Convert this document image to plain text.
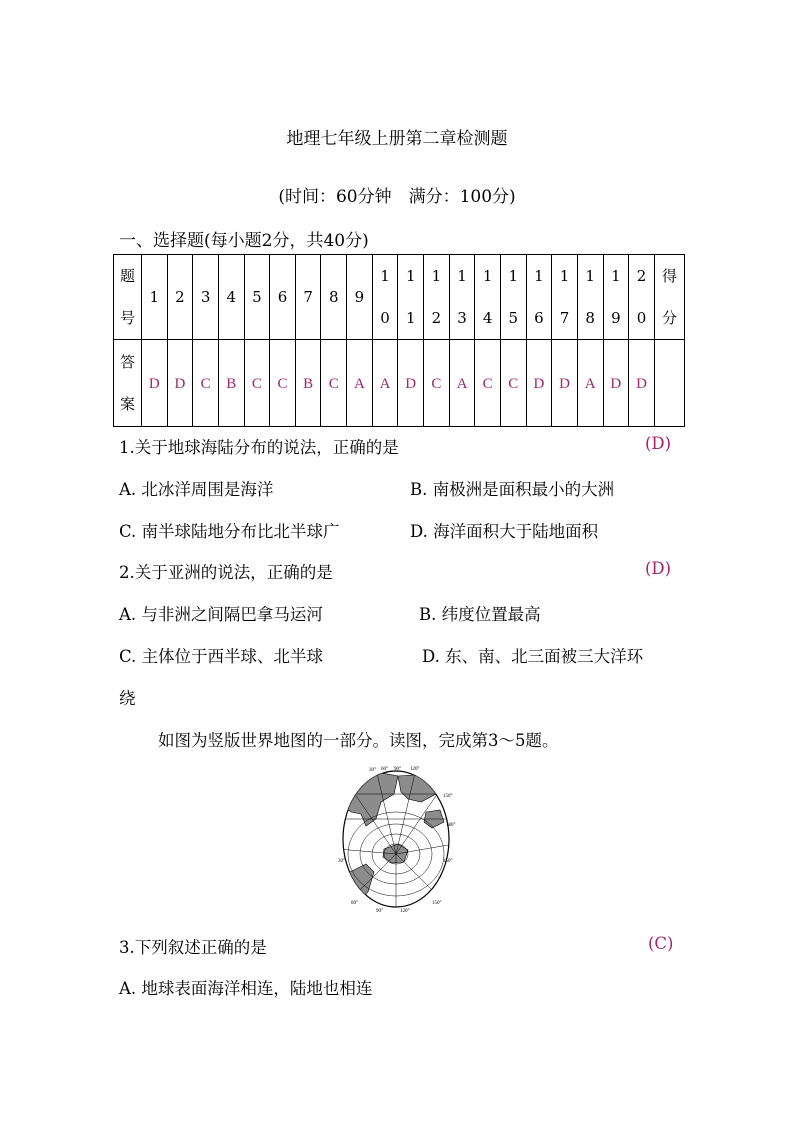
地理七年级上册第二章检测题
(时间：60分钟　满分：100分)
一、选择题(每小题2分，共40分)
题号	1	2	3	4	5	6	7	8	9	10	11	12	13	14	15	16	17	18	19	20	得分
答案	D	D	C	B	C	C	B	C	A	A	D	C	A	C	C	D	D	A	D	D	
1.关于地球海陆分布的说法，正确的是	(D)
A. 北冰洋周围是海洋	B. 南极洲是面积最小的大洲
C. 南半球陆地分布比北半球广	D. 海洋面积大于陆地面积
2.关于亚洲的说法，正确的是	(D)
A. 与非洲之间隔巴拿马运河	B. 纬度位置最高
C. 主体位于西半球、北半球	D. 东、南、北三面被三大洋环
绕
如图为竖版世界地图的一部分。读图，完成第3～5题。
30° 60° 90° 120°
150°
180°
150°
30°
60°
90°	120°
150°
3.下列叙述正确的是	(C)
A. 地球表面海洋相连，陆地也相连
